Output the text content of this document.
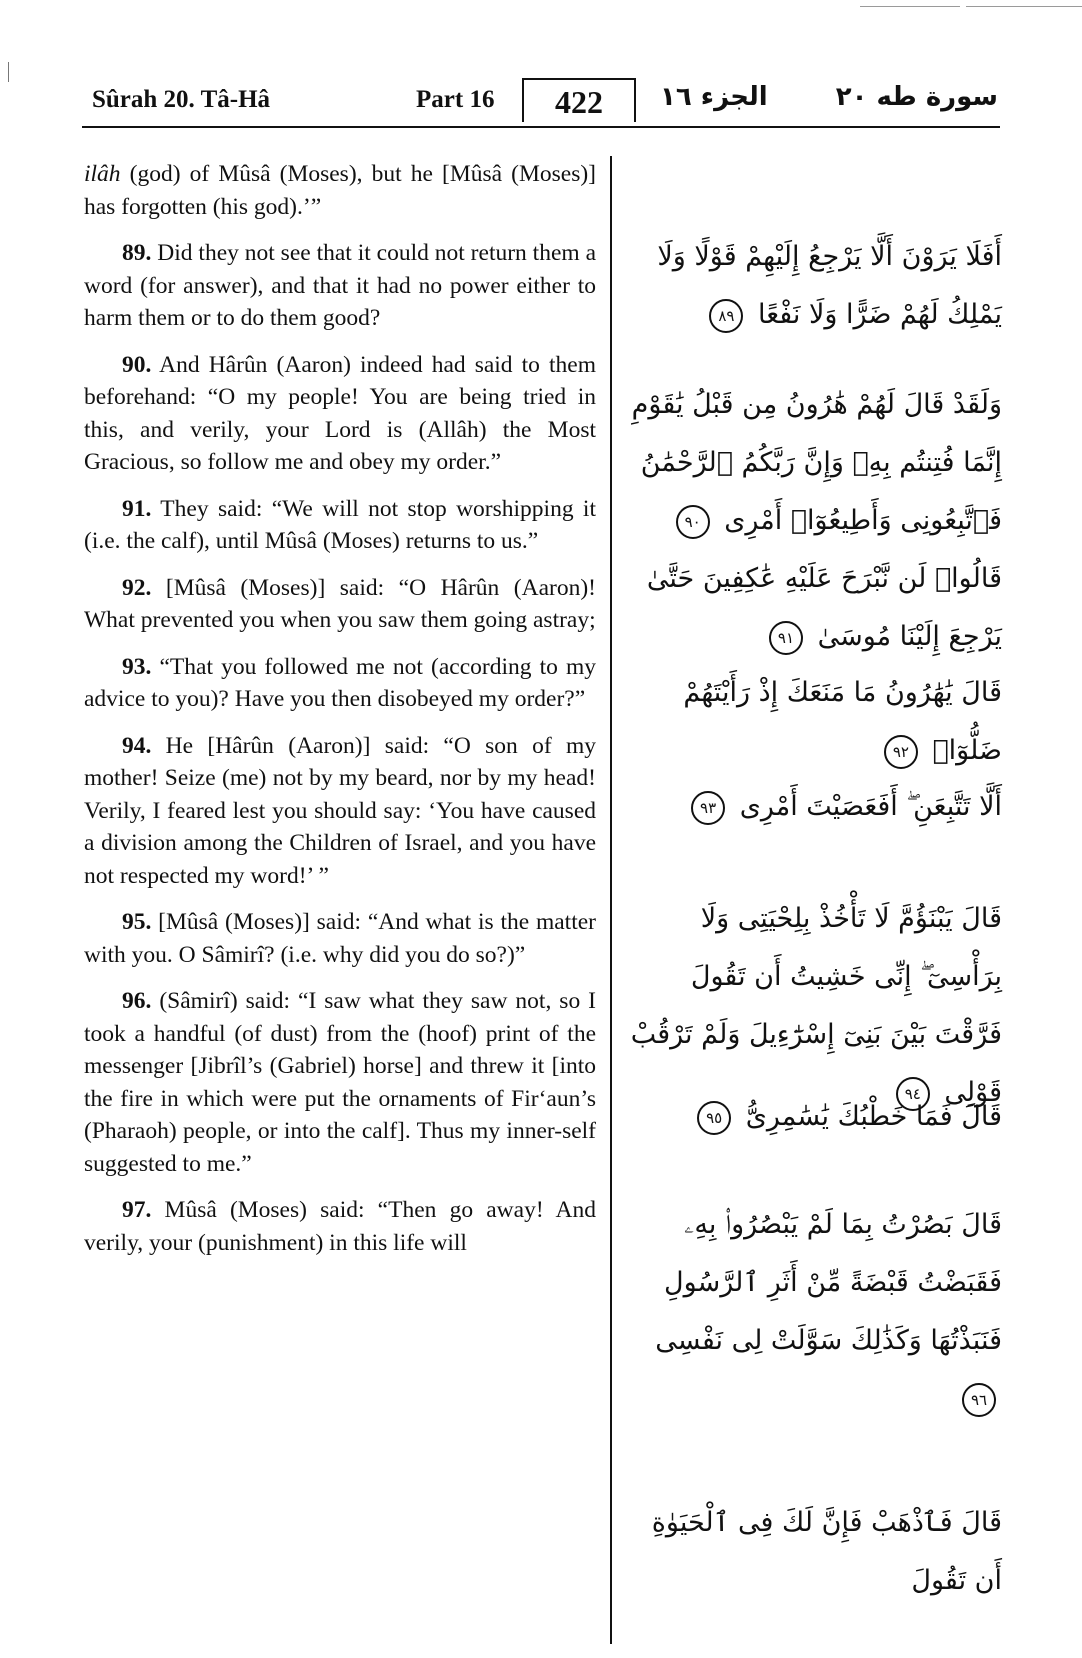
Sûrah 20. Tâ-Hâ	Part 16	422	الجزء ١٦	سورة طه ٢٠

ilâh (god) of Mûsâ (Moses), but he [Mûsâ (Moses)] has forgotten (his god).’”

89. Did they not see that it could not return them a word (for answer), and that it had no power either to harm them or to do them good?

90. And Hârûn (Aaron) indeed had said to them beforehand: “O my people! You are being tried in this, and verily, your Lord is (Allâh) the Most Gracious, so follow me and obey my order.”

91. They said: “We will not stop worshipping it (i.e. the calf), until Mûsâ (Moses) returns to us.”

92. [Mûsâ (Moses)] said: “O Hârûn (Aaron)! What prevented you when you saw them going astray;

93. “That you followed me not (according to my advice to you)? Have you then disobeyed my order?”

94. He [Hârûn (Aaron)] said: “O son of my mother! Seize (me) not by my beard, nor by my head! Verily, I feared lest you should say: ‘You have caused a division among the Children of Israel, and you have not respected my word!’ ”

95. [Mûsâ (Moses)] said: “And what is the matter with you. O Sâmirî? (i.e. why did you do so?)”

96. (Sâmirî) said: “I saw what they saw not, so I took a handful (of dust) from the (hoof) print of the messenger [Jibrîl’s (Gabriel) horse] and threw it [into the fire in which were put the ornaments of Fir‘aun’s (Pharaoh) people, or into the calf]. Thus my inner-self suggested to me.”

97. Mûsâ (Moses) said: “Then go away! And verily, your (punishment) in this life will

أَفَلَا يَرَوْنَ أَلَّا يَرْجِعُ إِلَيْهِمْ قَوْلًا وَلَا يَمْلِكُ لَهُمْ ضَرًّا وَلَا نَفْعًا ٨٩
وَلَقَدْ قَالَ لَهُمْ هَٰرُونُ مِن قَبْلُ يَٰقَوْمِ إِنَّمَا فُتِنتُم بِهِۦ وَإِنَّ رَبَّكُمُ ٱلرَّحْمَٰنُ فَٱتَّبِعُونِى وَأَطِيعُوٓا۟ أَمْرِى ٩٠
قَالُوا۟ لَن نَّبْرَحَ عَلَيْهِ عَٰكِفِينَ حَتَّىٰ يَرْجِعَ إِلَيْنَا مُوسَىٰ ٩١
قَالَ يَٰهَٰرُونُ مَا مَنَعَكَ إِذْ رَأَيْتَهُمْ ضَلُّوٓا۟ ٩٢
أَلَّا تَتَّبِعَنِ ۖ أَفَعَصَيْتَ أَمْرِى ٩٣
قَالَ يَبْنَؤُمَّ لَا تَأْخُذْ بِلِحْيَتِى وَلَا بِرَأْسِىٓ ۖ إِنِّى خَشِيتُ أَن تَقُولَ فَرَّقْتَ بَيْنَ بَنِىٓ إِسْرَٰٓءِيلَ وَلَمْ تَرْقُبْ قَوْلِى ٩٤
قَالَ فَمَا خَطْبُكَ يَٰسَٰمِرِىُّ ٩٥
قَالَ بَصُرْتُ بِمَا لَمْ يَبْصُرُوا۟ بِهِۦ فَقَبَضْتُ قَبْضَةً مِّنْ أَثَرِ ٱلرَّسُولِ فَنَبَذْتُهَا وَكَذَٰلِكَ سَوَّلَتْ لِى نَفْسِى ٩٦
قَالَ فَٱذْهَبْ فَإِنَّ لَكَ فِى ٱلْحَيَوٰةِ أَن تَقُولَ
